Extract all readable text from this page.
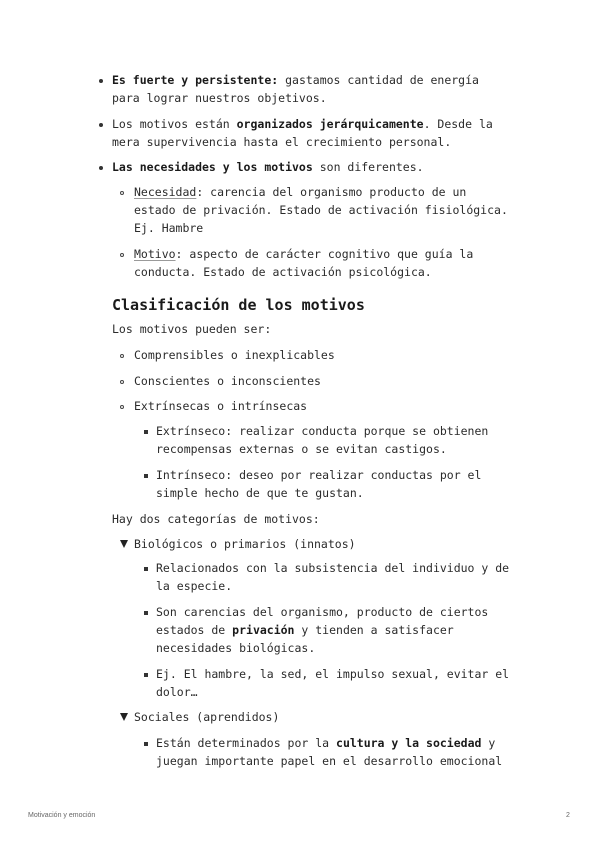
Es fuerte y persistente: gastamos cantidad de energía
para lograr nuestros objetivos.
Los motivos están organizados jerárquicamente. Desde la
mera supervivencia hasta el crecimiento personal.
Las necesidades y los motivos son diferentes.
Necesidad: carencia del organismo producto de un
estado de privación. Estado de activación fisiológica.
Ej. Hambre
Motivo: aspecto de carácter cognitivo que guía la
conducta. Estado de activación psicológica.
Clasificación de los motivos
Los motivos pueden ser:
Comprensibles o inexplicables
Conscientes o inconscientes
Extrínsecas o intrínsecas
Extrínseco: realizar conducta porque se obtienen
recompensas externas o se evitan castigos.
Intrínseco: deseo por realizar conductas por el
simple hecho de que te gustan.
Hay dos categorías de motivos:
Biológicos o primarios (innatos)
Relacionados con la subsistencia del individuo y de
la especie.
Son carencias del organismo, producto de ciertos
estados de privación y tienden a satisfacer
necesidades biológicas.
Ej. El hambre, la sed, el impulso sexual, evitar el
dolor…
Sociales (aprendidos)
Están determinados por la cultura y la sociedad y
juegan importante papel en el desarrollo emocional
Motivación y emoción	2
